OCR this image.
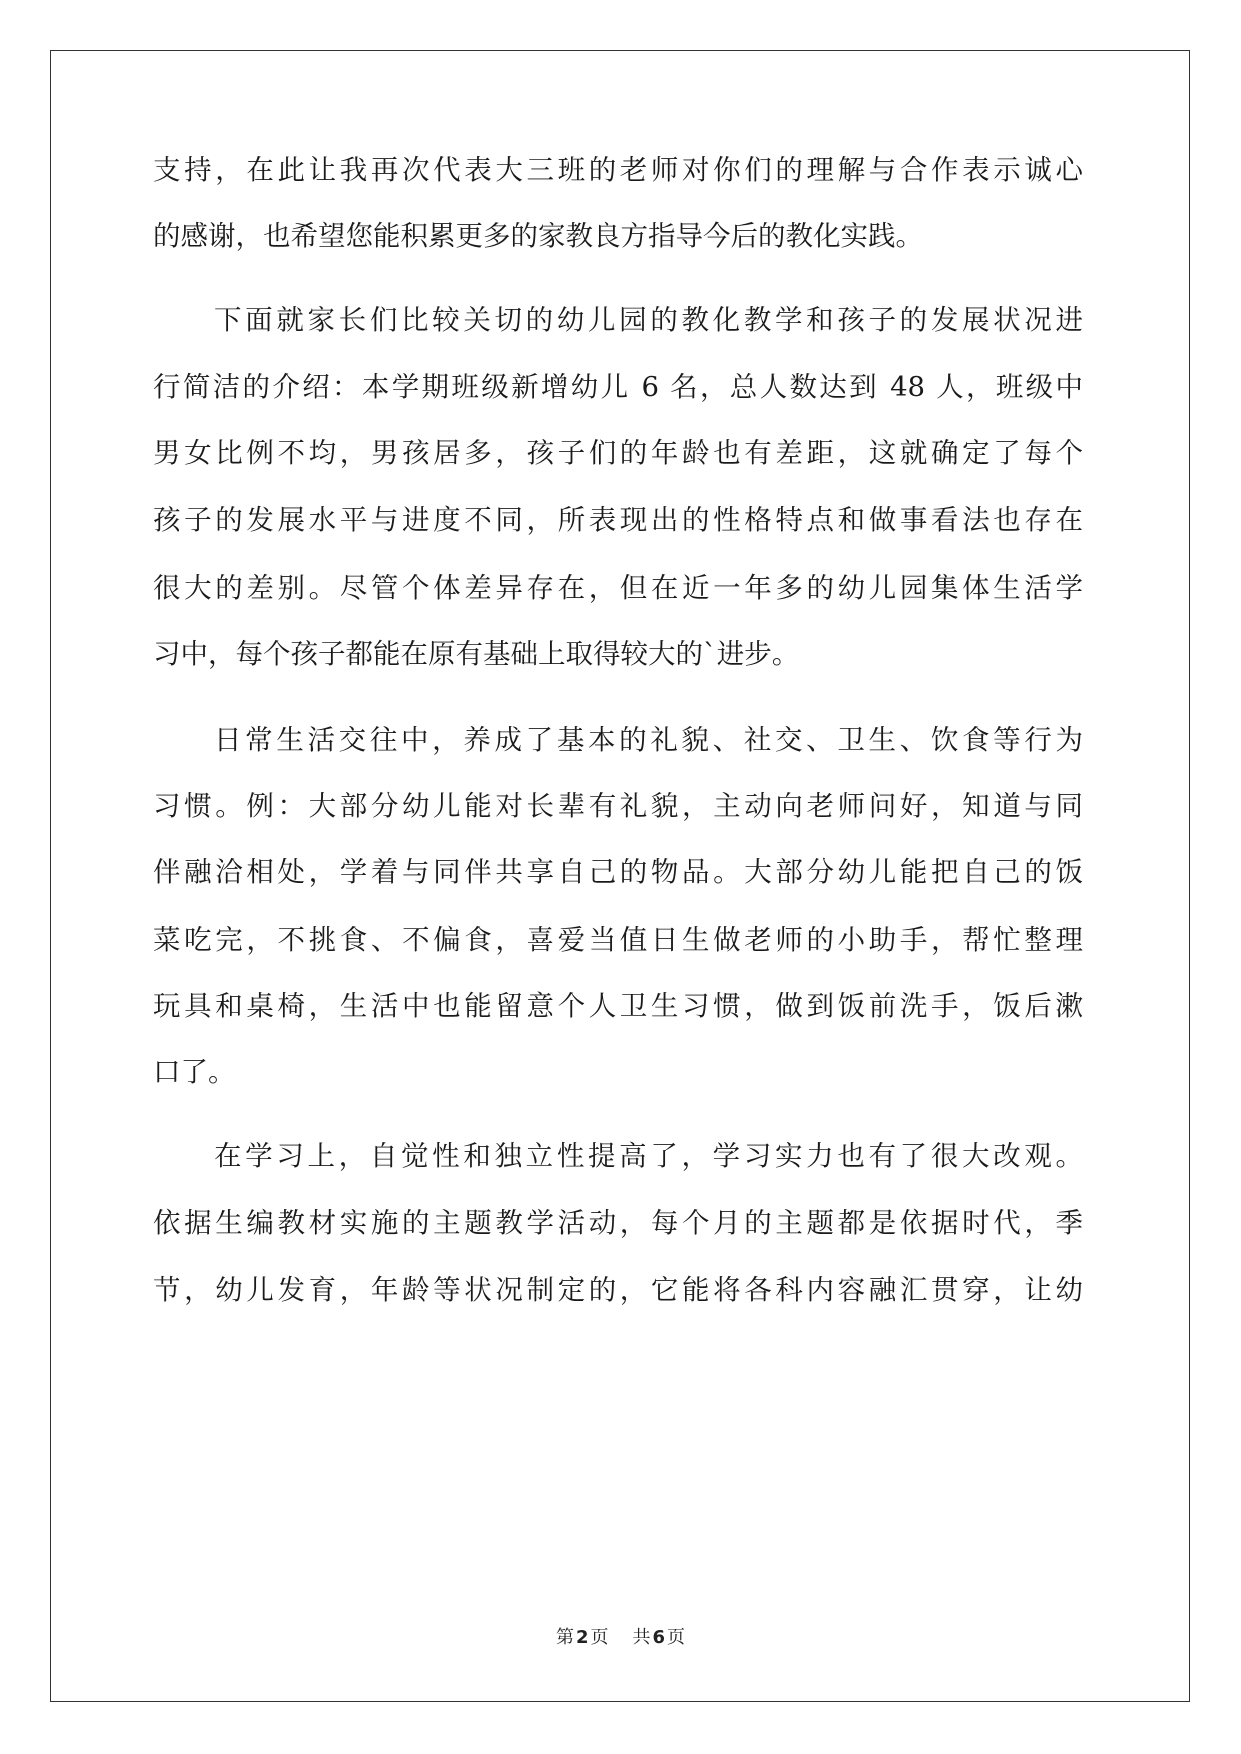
支持，在此让我再次代表大三班的老师对你们的理解与合作表示诚心
的感谢，也希望您能积累更多的家教良方指导今后的教化实践。
下面就家长们比较关切的幼儿园的教化教学和孩子的发展状况进
行简洁的介绍：本学期班级新增幼儿 6 名，总人数达到 48 人，班级中
男女比例不均，男孩居多，孩子们的年龄也有差距，这就确定了每个
孩子的发展水平与进度不同，所表现出的性格特点和做事看法也存在
很大的差别。尽管个体差异存在，但在近一年多的幼儿园集体生活学
习中，每个孩子都能在原有基础上取得较大的`进步。
日常生活交往中，养成了基本的礼貌、社交、卫生、饮食等行为
习惯。例：大部分幼儿能对长辈有礼貌，主动向老师问好，知道与同
伴融洽相处，学着与同伴共享自己的物品。大部分幼儿能把自己的饭
菜吃完，不挑食、不偏食，喜爱当值日生做老师的小助手，帮忙整理
玩具和桌椅，生活中也能留意个人卫生习惯，做到饭前洗手，饭后漱
口了。
在学习上，自觉性和独立性提高了，学习实力也有了很大改观。
依据生编教材实施的主题教学活动，每个月的主题都是依据时代，季
节，幼儿发育，年龄等状况制定的，它能将各科内容融汇贯穿，让幼
第 2 页 共 6 页
